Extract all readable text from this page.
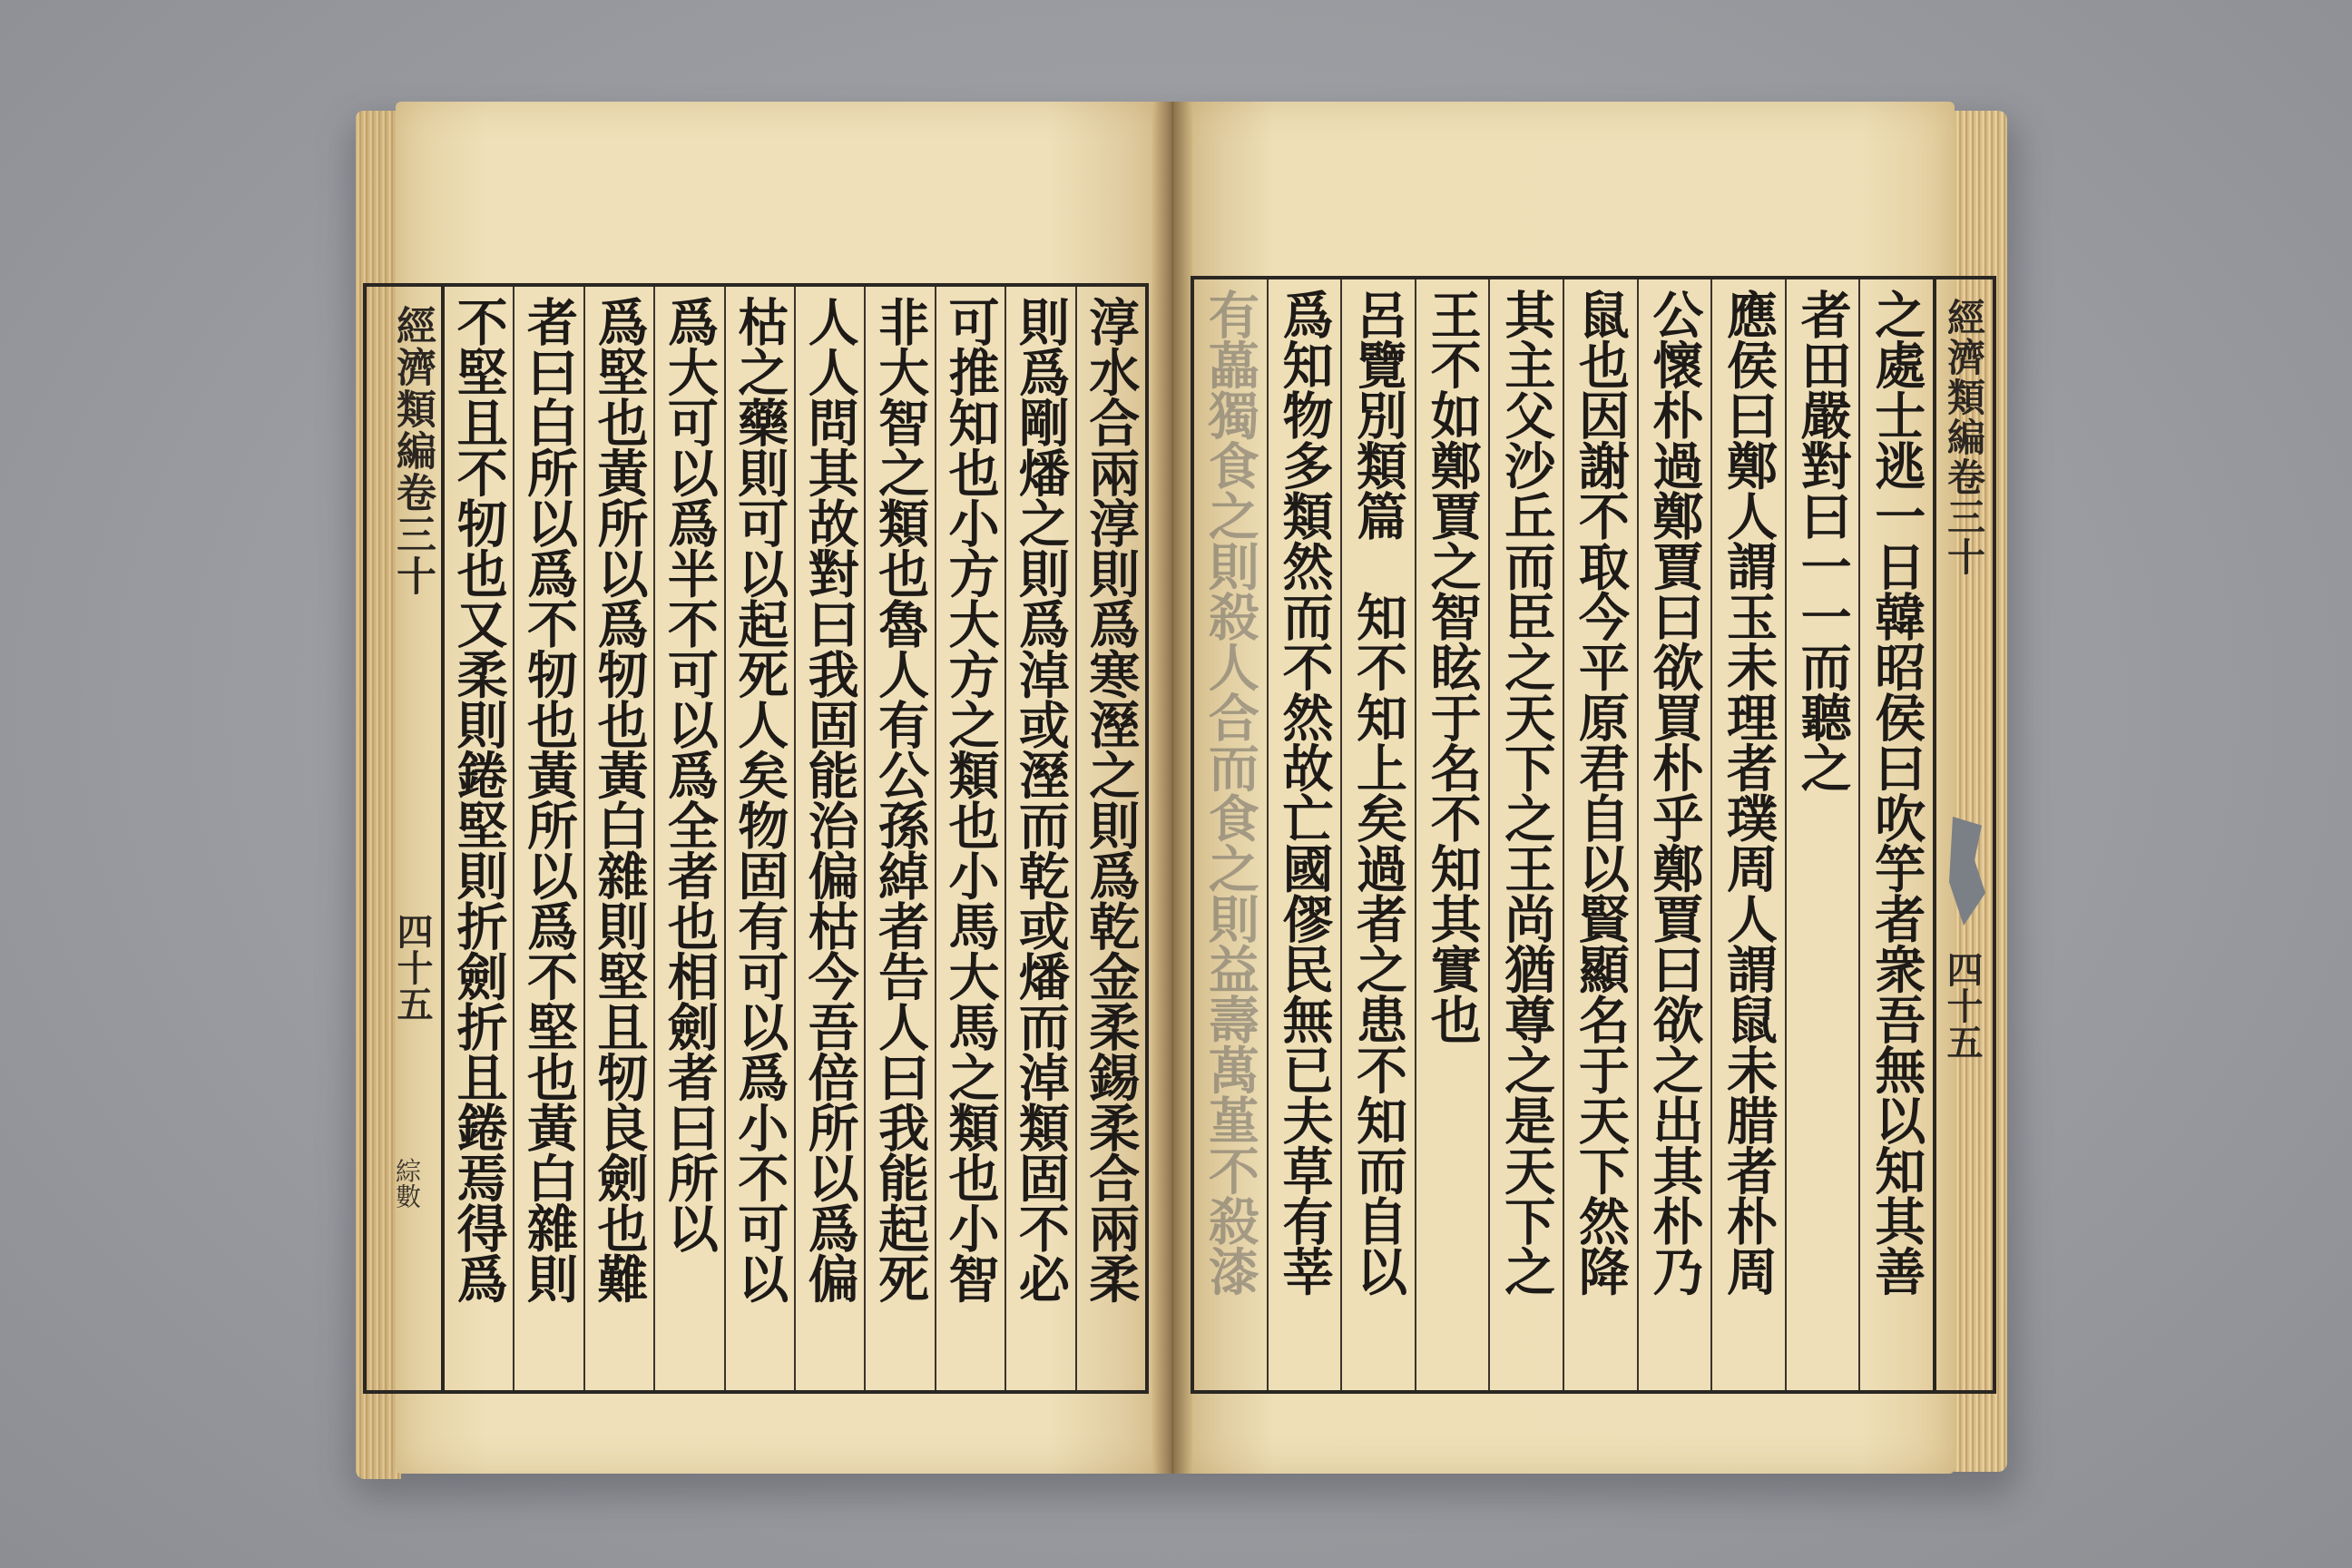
經濟類編卷三十
四十五
綜數	淳水合兩淳則爲寒溼之則爲乾金柔錫柔合兩柔
則爲剛燔之則爲淖或溼而乾或燔而淖類固不必
可推知也小方大方之類也小馬大馬之類也小智
非大智之類也魯人有公孫綽者告人曰我能起死
人人問其故對曰我固能治偏枯今吾倍所以爲偏
枯之藥則可以起死人矣物固有可以爲小不可以
爲大可以爲半不可以爲全者也相劍者曰所以
爲堅也黃所以爲牣也黃白雜則堅且牣良劍也難
者曰白所以爲不牣也黃所以爲不堅也黃白雜則
不堅且不牣也又柔則錈堅則折劍折且錈焉得爲	之處士逃一日韓昭侯曰吹竽者衆吾無以知其善
者田嚴對曰一一而聽之
應侯曰鄭人謂玉未理者璞周人謂鼠未腊者朴周
公懷朴過鄭賈曰欲買朴乎鄭賈曰欲之出其朴乃
鼠也因謝不取今平原君自以賢顯名于天下然降
其主父沙丘而臣之天下之王尚猶尊之是天下之
王不如鄭賈之智眩于名不知其實也
呂覽別類篇　知不知上矣過者之患不知而自以
爲知物多類然而不然故亡國僇民無已夫草有莘
有藟獨食之則殺人合而食之則益壽萬堇不殺漆	經濟類編卷三十
四十五
